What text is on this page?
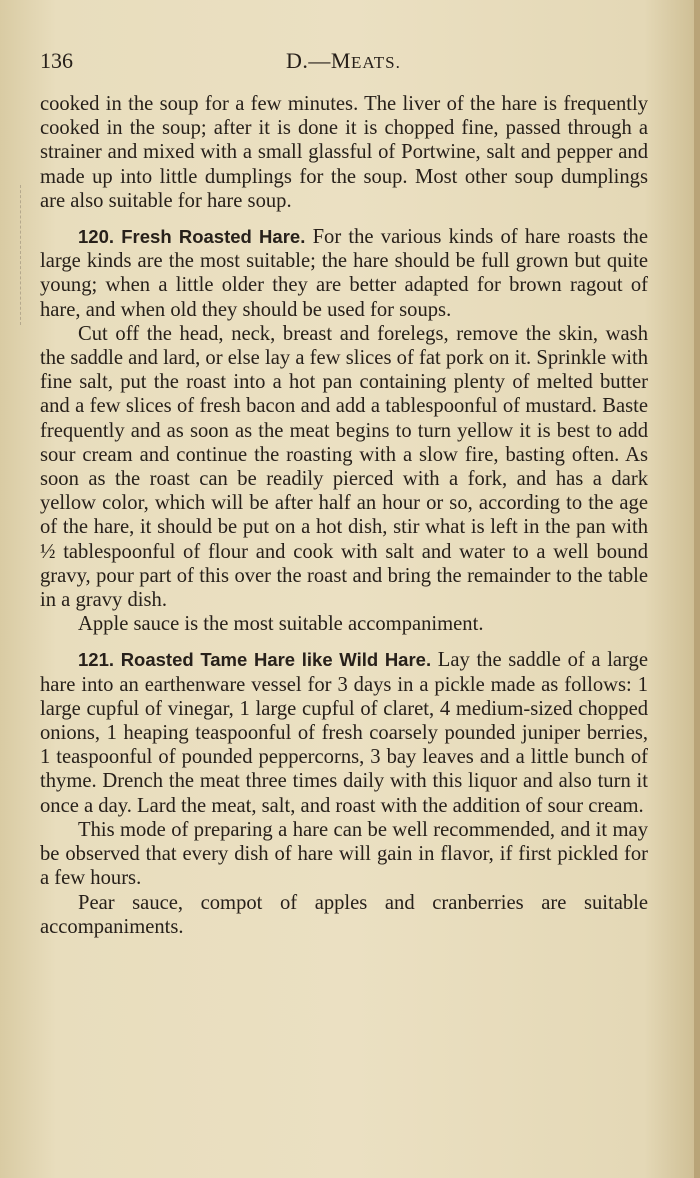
136	D.—MEATS.

cooked in the soup for a few minutes. The liver of the hare is frequently cooked in the soup; after it is done it is chopped fine, passed through a strainer and mixed with a small glassful of Portwine, salt and pepper and made up into little dumplings for the soup. Most other soup dumplings are also suitable for hare soup.

120. Fresh Roasted Hare. For the various kinds of hare roasts the large kinds are the most suitable; the hare should be full grown but quite young; when a little older they are better adapted for brown ragout of hare, and when old they should be used for soups.

Cut off the head, neck, breast and forelegs, remove the skin, wash the saddle and lard, or else lay a few slices of fat pork on it. Sprinkle with fine salt, put the roast into a hot pan containing plenty of melted butter and a few slices of fresh bacon and add a tablespoonful of mustard. Baste frequently and as soon as the meat begins to turn yellow it is best to add sour cream and continue the roasting with a slow fire, basting often. As soon as the roast can be readily pierced with a fork, and has a dark yellow color, which will be after half an hour or so, according to the age of the hare, it should be put on a hot dish, stir what is left in the pan with ½ tablespoonful of flour and cook with salt and water to a well bound gravy, pour part of this over the roast and bring the remainder to the table in a gravy dish.

Apple sauce is the most suitable accompaniment.

121. Roasted Tame Hare like Wild Hare. Lay the saddle of a large hare into an earthenware vessel for 3 days in a pickle made as follows: 1 large cupful of vinegar, 1 large cupful of claret, 4 medium-sized chopped onions, 1 heaping teaspoonful of fresh coarsely pounded juniper berries, 1 teaspoonful of pounded peppercorns, 3 bay leaves and a little bunch of thyme. Drench the meat three times daily with this liquor and also turn it once a day. Lard the meat, salt, and roast with the addition of sour cream.

This mode of preparing a hare can be well recommended, and it may be observed that every dish of hare will gain in flavor, if first pickled for a few hours.

Pear sauce, compot of apples and cranberries are suitable accompaniments.
